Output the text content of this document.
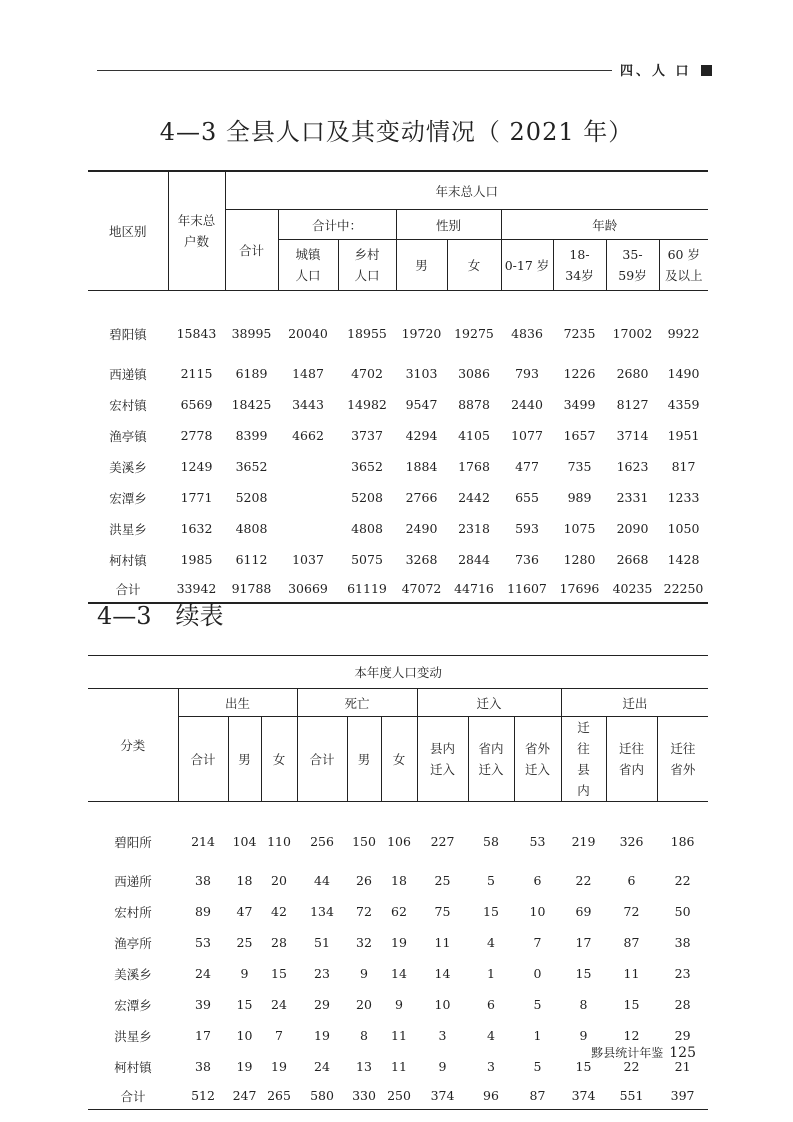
四、人 口
4—3 全县人口及其变动情况（ 2021 年）
地区别	年末总户数	年末总人口								
		合计	合计中：		性别		年龄			
			城镇人口	乡村人口	男	女	0-17 岁	18-34岁	35-59岁	60 岁及以上
碧阳镇	15843	38995	20040	18955	19720	19275	4836	7235	17002	9922
西递镇	2115	6189	1487	4702	3103	3086	793	1226	2680	1490
宏村镇	6569	18425	3443	14982	9547	8878	2440	3499	8127	4359
渔亭镇	2778	8399	4662	3737	4294	4105	1077	1657	3714	1951
美溪乡	1249	3652		3652	1884	1768	477	735	1623	817
宏潭乡	1771	5208		5208	2766	2442	655	989	2331	1233
洪星乡	1632	4808		4808	2490	2318	593	1075	2090	1050
柯村镇	1985	6112	1037	5075	3268	2844	736	1280	2668	1428
合计	33942	91788	30669	61119	47072	44716	11607	17696	40235	22250
4—3　续表
本年度人口变动												
分类	出生			死亡			迁入			迁出		
	合计	男	女	合计	男	女	县内迁入	省内迁入	省外迁入	迁往县内	迁往省内	迁往省外
碧阳所	214	104	110	256	150	106	227	58	53	219	326	186
西递所	38	18	20	44	26	18	25	5	6	22	6	22
宏村所	89	47	42	134	72	62	75	15	10	69	72	50
渔亭所	53	25	28	51	32	19	11	4	7	17	87	38
美溪乡	24	9	15	23	9	14	14	1	0	15	11	23
宏潭乡	39	15	24	29	20	9	10	6	5	8	15	28
洪星乡	17	10	7	19	8	11	3	4	1	9	12	29
柯村镇	38	19	19	24	13	11	9	3	5	15	22	21
合计	512	247	265	580	330	250	374	96	87	374	551	397
黟县统计年鉴 125
